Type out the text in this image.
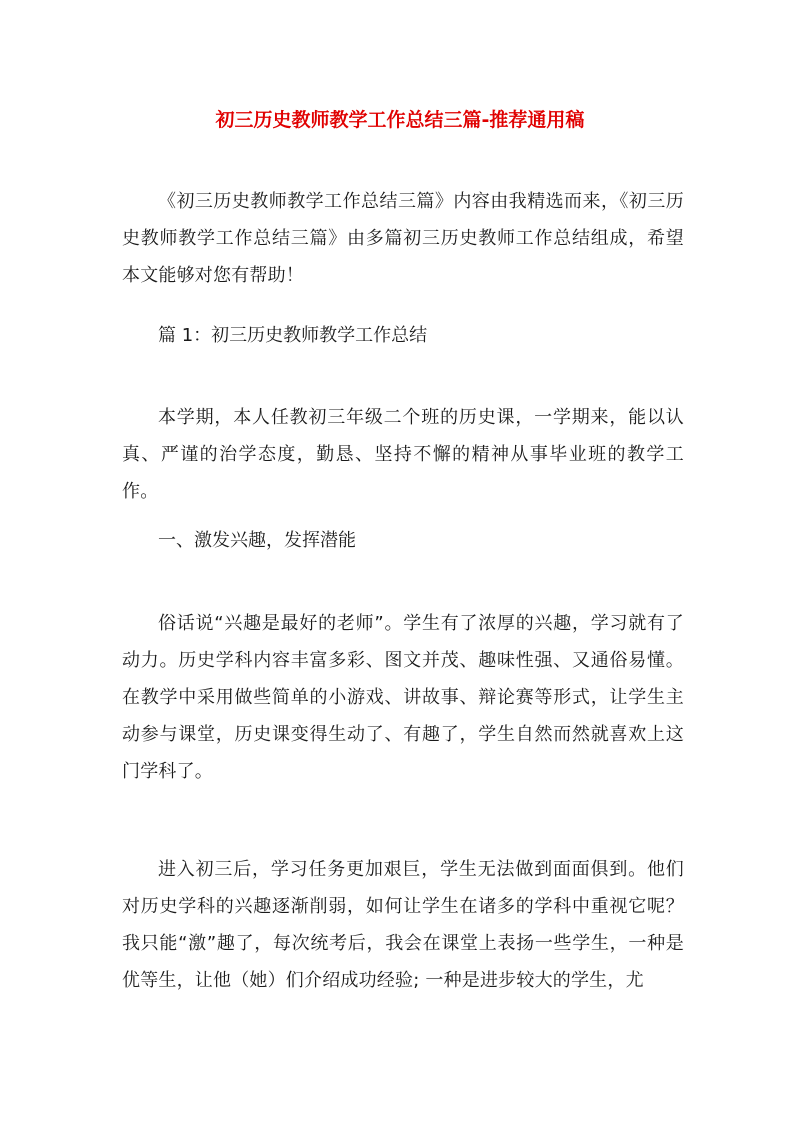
初三历史教师教学工作总结三篇-推荐通用稿

《初三历史教师教学工作总结三篇》内容由我精选而来，《初三历史教师教学工作总结三篇》由多篇初三历史教师工作总结组成，希望本文能够对您有帮助！

篇 1：初三历史教师教学工作总结

本学期，本人任教初三年级二个班的历史课，一学期来，能以认真、严谨的治学态度，勤恳、坚持不懈的精神从事毕业班的教学工作。

一、激发兴趣，发挥潜能

俗话说“兴趣是最好的老师”。学生有了浓厚的兴趣，学习就有了动力。历史学科内容丰富多彩、图文并茂、趣味性强、又通俗易懂。在教学中采用做些简单的小游戏、讲故事、辩论赛等形式，让学生主动参与课堂，历史课变得生动了、有趣了，学生自然而然就喜欢上这门学科了。

进入初三后，学习任务更加艰巨，学生无法做到面面俱到。他们对历史学科的兴趣逐渐削弱，如何让学生在诸多的学科中重视它呢？我只能“激”趣了，每次统考后，我会在课堂上表扬一些学生，一种是优等生，让他（她）们介绍成功经验; 一种是进步较大的学生，尤
